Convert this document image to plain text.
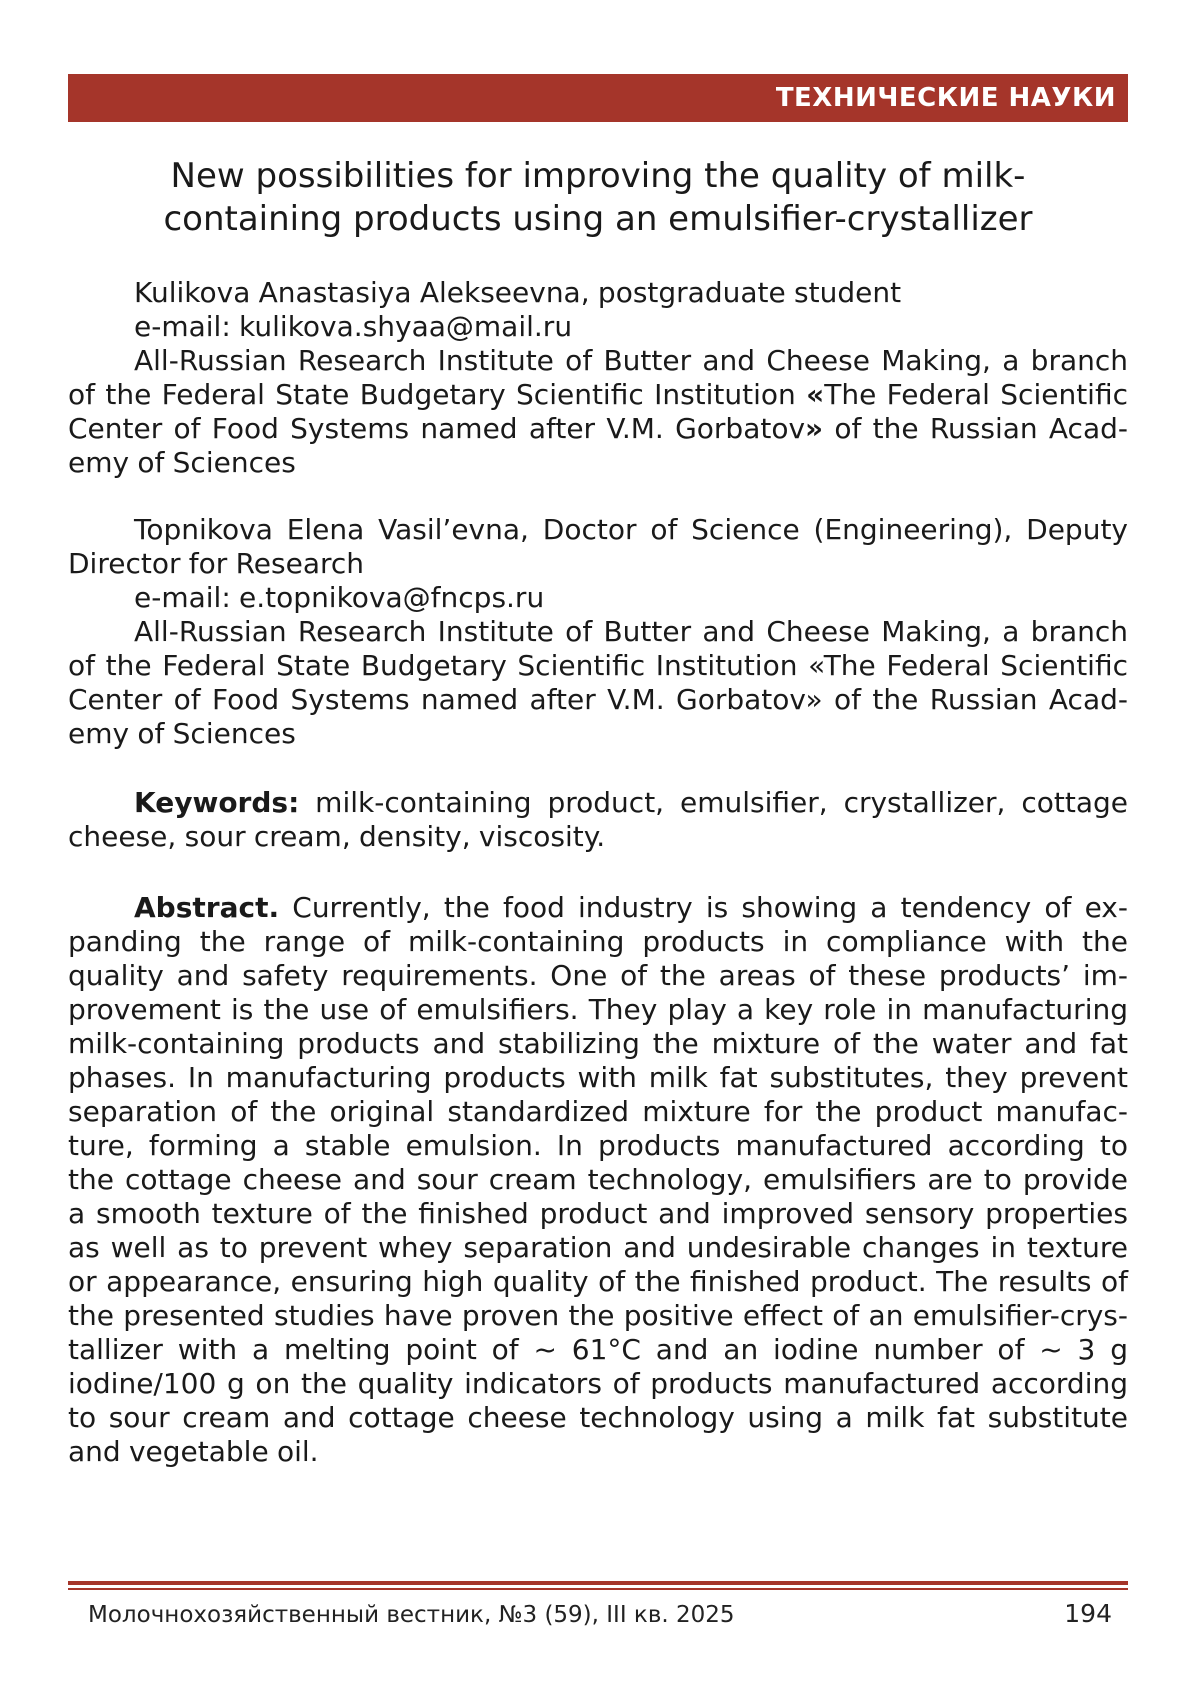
ТЕХНИЧЕСКИЕ НАУКИ
New possibilities for improving the quality of milk-
containing products using an emulsifier-crystallizer
Kulikova Anastasiya Alekseevna, postgraduate student
e-mail: kulikova.shyaa@mail.ru
All-Russian Research Institute of Butter and Cheese Making, a branch
of the Federal State Budgetary Scientific Institution «The Federal Scientific
Center of Food Systems named after V.M. Gorbatov» of the Russian Acad-
emy of Sciences
Topnikova Elena Vasil’evna, Doctor of Science (Engineering), Deputy
Director for Research
e-mail: e.topnikova@fncps.ru
All-Russian Research Institute of Butter and Cheese Making, a branch
of the Federal State Budgetary Scientific Institution «The Federal Scientific
Center of Food Systems named after V.M. Gorbatov» of the Russian Acad-
emy of Sciences
Keywords: milk-containing product, emulsifier, crystallizer, cottage
cheese, sour cream, density, viscosity.
Abstract. Currently, the food industry is showing a tendency of ex-
panding the range of milk-containing products in compliance with the
quality and safety requirements. One of the areas of these products’ im-
provement is the use of emulsifiers. They play a key role in manufacturing
milk-containing products and stabilizing the mixture of the water and fat
phases. In manufacturing products with milk fat substitutes, they prevent
separation of the original standardized mixture for the product manufac-
ture, forming a stable emulsion. In products manufactured according to
the cottage cheese and sour cream technology, emulsifiers are to provide
a smooth texture of the finished product and improved sensory properties
as well as to prevent whey separation and undesirable changes in texture
or appearance, ensuring high quality of the finished product. The results of
the presented studies have proven the positive effect of an emulsifier-crys-
tallizer with a melting point of ~ 61°C and an iodine number of ~ 3 g
iodine/100 g on the quality indicators of products manufactured according
to sour cream and cottage cheese technology using a milk fat substitute
and vegetable oil.
Молочнохозяйственный вестник, №3 (59), III кв. 2025	194
